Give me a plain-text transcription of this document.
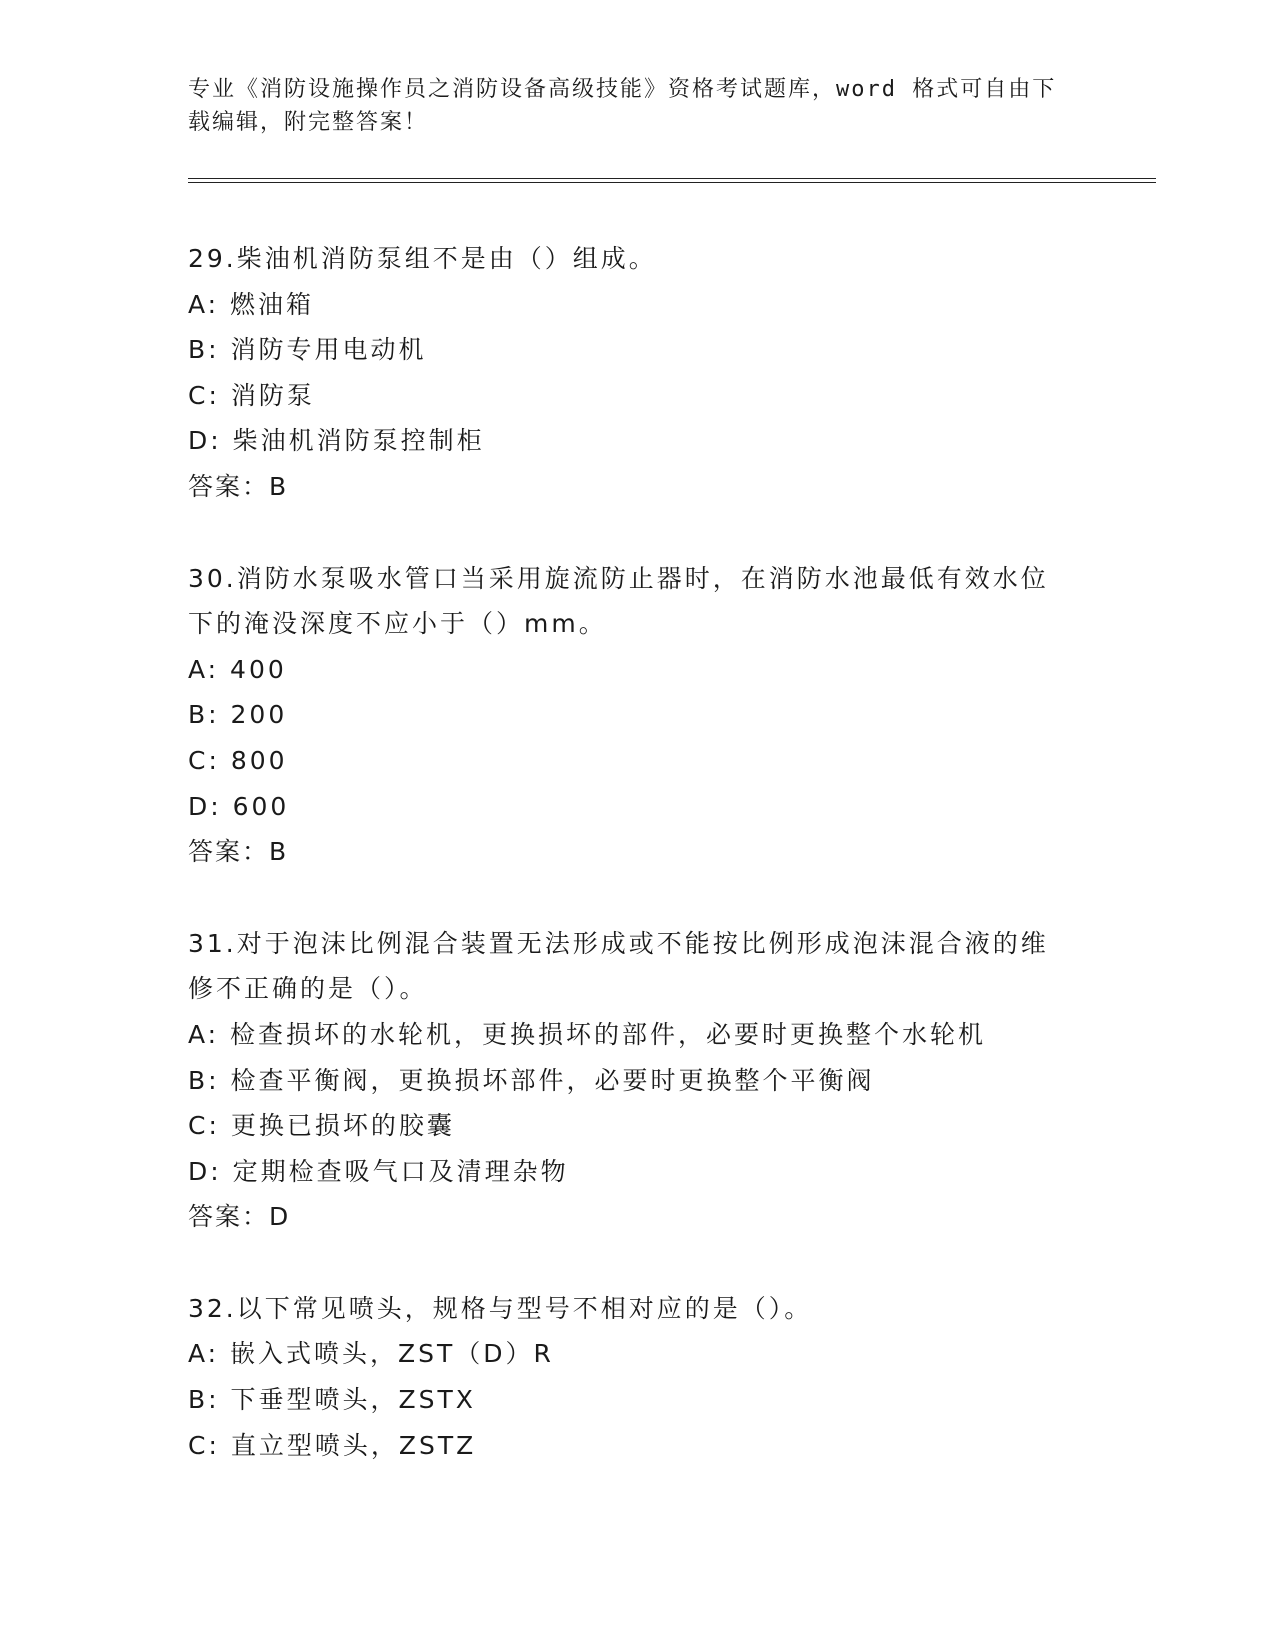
专业《消防设施操作员之消防设备高级技能》资格考试题库，word 格式可自由下
载编辑，附完整答案！
29.柴油机消防泵组不是由（）组成。
A: 燃油箱
B: 消防专用电动机
C: 消防泵
D: 柴油机消防泵控制柜
答案：B
30.消防水泵吸水管口当采用旋流防止器时，在消防水池最低有效水位
下的淹没深度不应小于（）mm。
A: 400
B: 200
C: 800
D: 600
答案：B
31.对于泡沫比例混合装置无法形成或不能按比例形成泡沫混合液的维
修不正确的是（）。
A: 检查损坏的水轮机，更换损坏的部件，必要时更换整个水轮机
B: 检查平衡阀，更换损坏部件，必要时更换整个平衡阀
C: 更换已损坏的胶囊
D: 定期检查吸气口及清理杂物
答案：D
32.以下常见喷头，规格与型号不相对应的是（）。
A: 嵌入式喷头，ZST（D）R
B: 下垂型喷头，ZSTX
C: 直立型喷头，ZSTZ
